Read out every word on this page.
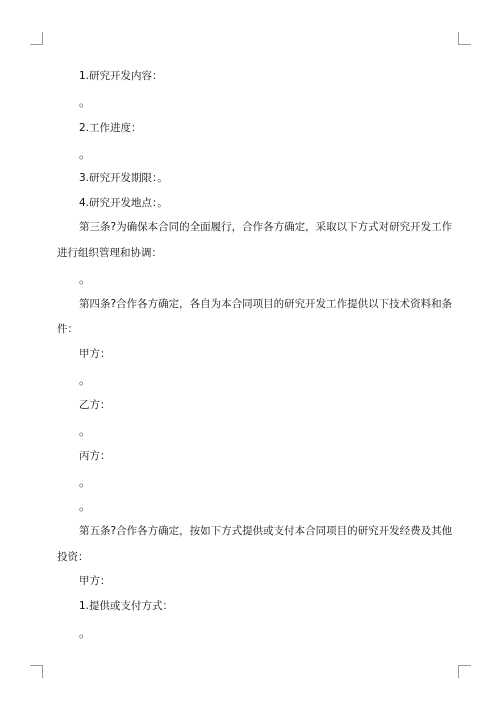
1.研究开发内容：
。
2.工作进度：
。
3.研究开发期限：。
4.研究开发地点：。
第三条?为确保本合同的全面履行，合作各方确定，采取以下方式对研究开发工作
进行组织管理和协调：
。
第四条?合作各方确定，各自为本合同项目的研究开发工作提供以下技术资料和条
件：
甲方：
。
乙方：
。
丙方：
。
。
第五条?合作各方确定，按如下方式提供或支付本合同项目的研究开发经费及其他
投资：
甲方：
1.提供或支付方式：
。
